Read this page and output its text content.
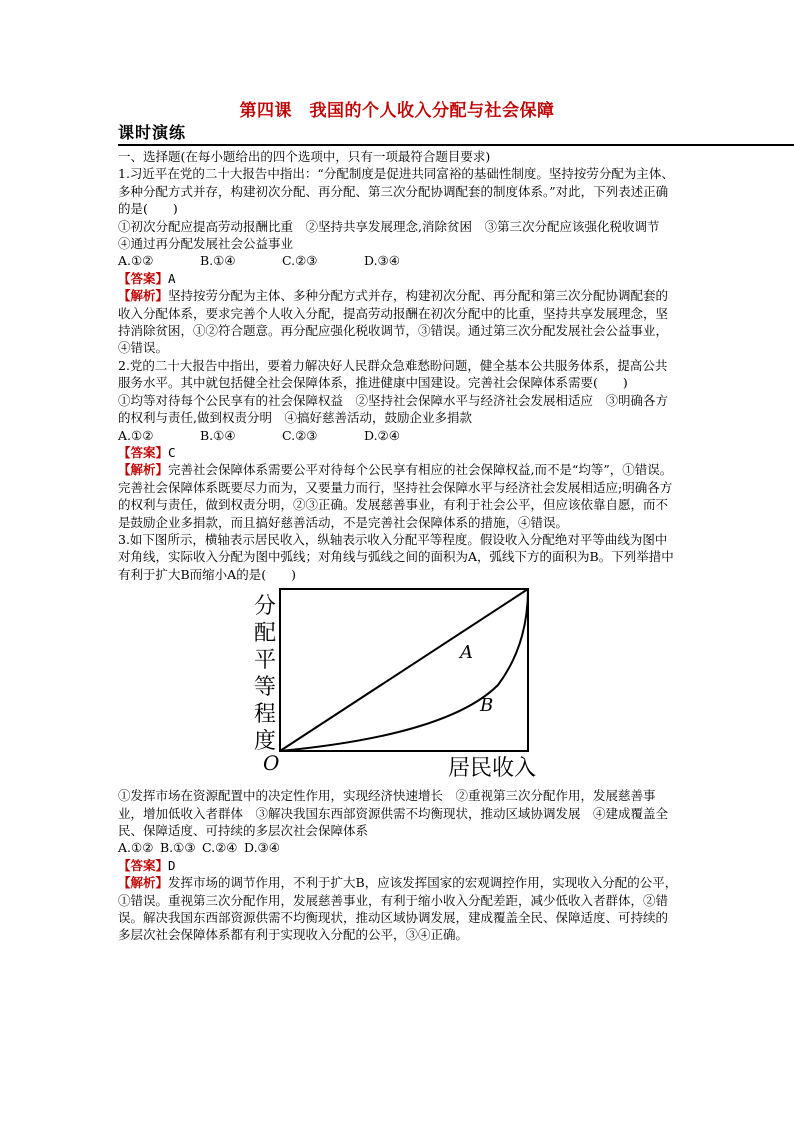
第四课　我国的个人收入分配与社会保障
课时演练

一、选择题(在每小题给出的四个选项中，只有一项最符合题目要求)

1.习近平在党的二十大报告中指出：“分配制度是促进共同富裕的基础性制度。坚持按劳分配为主体、多种分配方式并存，构建初次分配、再分配、第三次分配协调配套的制度体系。”对此，下列表述正确的是(　　)

①初次分配应提高劳动报酬比重　②坚持共享发展理念,消除贫困　③第三次分配应该强化税收调节　④通过再分配发展社会公益事业

A.①②	B.①④	C.②③	D.③④

【答案】A

【解析】坚持按劳分配为主体、多种分配方式并存，构建初次分配、再分配和第三次分配协调配套的收入分配体系，要求完善个人收入分配，提高劳动报酬在初次分配中的比重，坚持共享发展理念，坚持消除贫困，①②符合题意。再分配应强化税收调节，③错误。通过第三次分配发展社会公益事业，④错误。

2.党的二十大报告中指出，要着力解决好人民群众急难愁盼问题，健全基本公共服务体系，提高公共服务水平。其中就包括健全社会保障体系，推进健康中国建设。完善社会保障体系需要(　　)

①均等对待每个公民享有的社会保障权益　②坚持社会保障水平与经济社会发展相适应　③明确各方的权利与责任,做到权责分明　④搞好慈善活动，鼓励企业多捐款

A.①②	B.①④	C.②③	D.②④

【答案】C

【解析】完善社会保障体系需要公平对待每个公民享有相应的社会保障权益,而不是“均等”，①错误。完善社会保障体系既要尽力而为，又要量力而行，坚持社会保障水平与经济社会发展相适应;明确各方的权利与责任，做到权责分明，②③正确。发展慈善事业，有利于社会公平，但应该依靠自愿，而不是鼓励企业多捐款，而且搞好慈善活动，不是完善社会保障体系的措施，④错误。

3.如下图所示，横轴表示居民收入，纵轴表示收入分配平等程度。假设收入分配绝对平等曲线为图中对角线，实际收入分配为图中弧线；对角线与弧线之间的面积为A，弧线下方的面积为B。下列举措中有利于扩大B而缩小A的是(　　)

分
配
平
等
程
度
A
B
O	居民收入

①发挥市场在资源配置中的决定性作用，实现经济快速增长　②重视第三次分配作用，发展慈善事业，增加低收入者群体　③解决我国东西部资源供需不均衡现状，推动区域协调发展　④建成覆盖全民、保障适度、可持续的多层次社会保障体系

A.①② B.①③ C.②④ D.③④

【答案】D

【解析】发挥市场的调节作用，不利于扩大B，应该发挥国家的宏观调控作用，实现收入分配的公平，①错误。重视第三次分配作用，发展慈善事业，有利于缩小收入分配差距，减少低收入者群体，②错误。解决我国东西部资源供需不均衡现状，推动区域协调发展，建成覆盖全民、保障适度、可持续的多层次社会保障体系都有利于实现收入分配的公平，③④正确。
